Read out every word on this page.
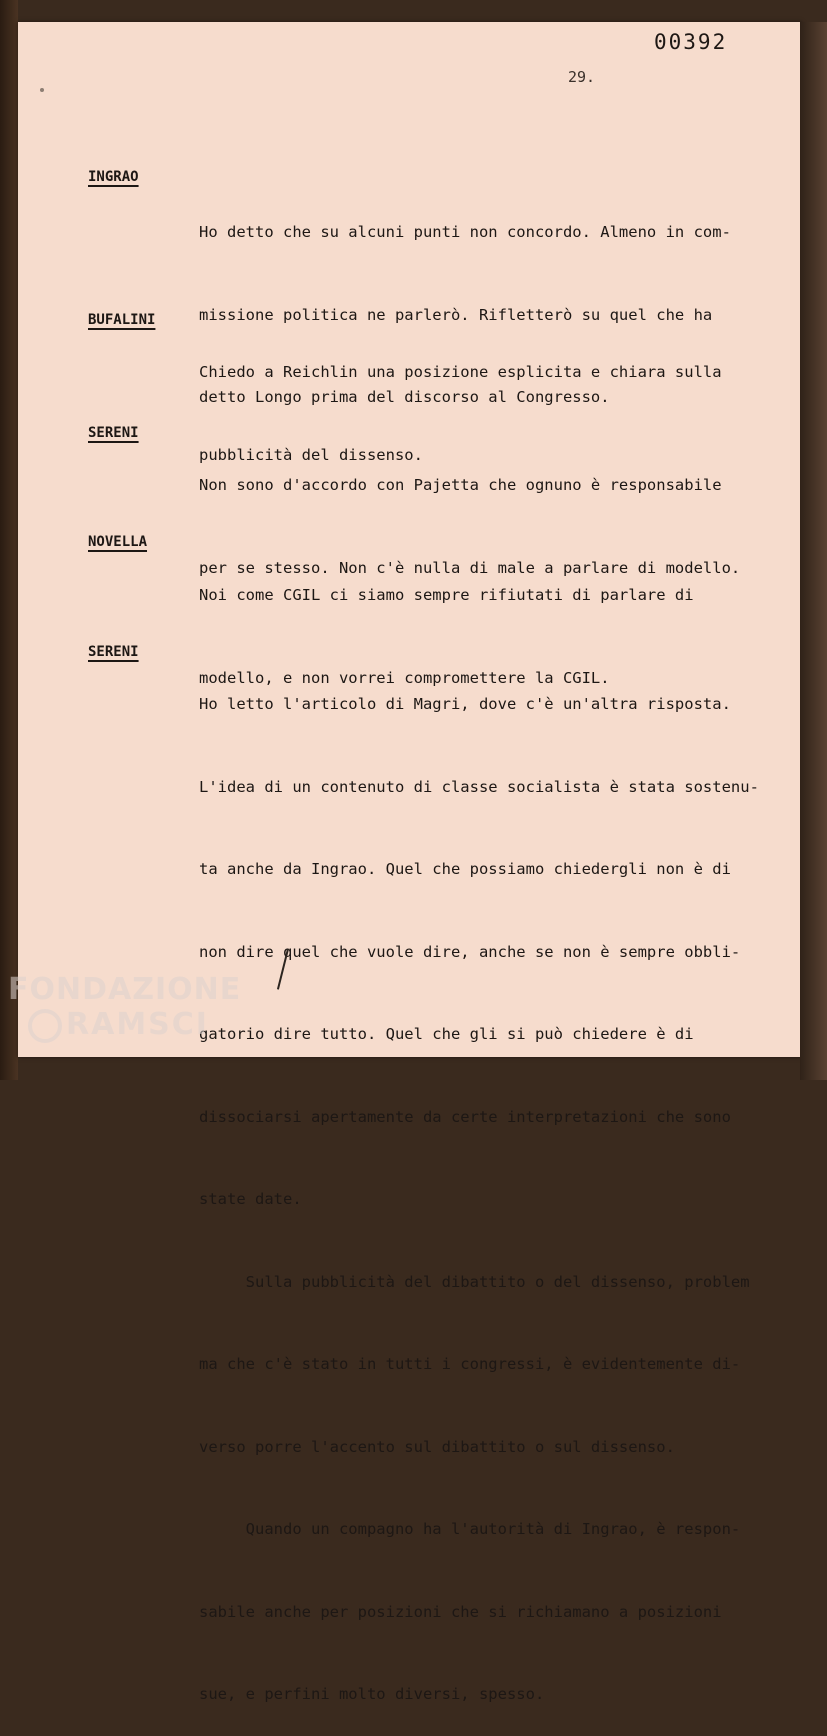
00392
29.
INGRAO

Ho detto che su alcuni punti non concordo. Almeno in com-

missione politica ne parlerò. Rifletterò su quel che ha

detto Longo prima del discorso al Congresso.

BUFALINI

Chiedo a Reichlin una posizione esplicita e chiara sulla

pubblicità del dissenso.

SERENI

Non sono d'accordo con Pajetta che ognuno è responsabile

per se stesso. Non c'è nulla di male a parlare di modello.

NOVELLA

Noi come CGIL ci siamo sempre rifiutati di parlare di

modello, e non vorrei compromettere la CGIL.

SERENI

Ho letto l'articolo di Magri, dove c'è un'altra risposta.

L'idea di un contenuto di classe socialista è stata sostenu-

ta anche da Ingrao. Quel che possiamo chiedergli non è di

non dire quel che vuole dire, anche se non è sempre obbli-

gatorio dire tutto. Quel che gli si può chiedere è di

dissociarsi apertamente da certe interpretazioni che sono

state date.

Sulla pubblicità del dibattito o del dissenso, problem

ma che c'è stato in tutti i congressi, è evidentemente di-

verso porre l'accento sul dibattito o sul dissenso.

Quando un compagno ha l'autorità di Ingrao, è respon-

sabile anche per posizioni che si richiamano a posizioni

sue, e perfini molto diversi, spesso.

FONDAZIONE
RAMSCI
